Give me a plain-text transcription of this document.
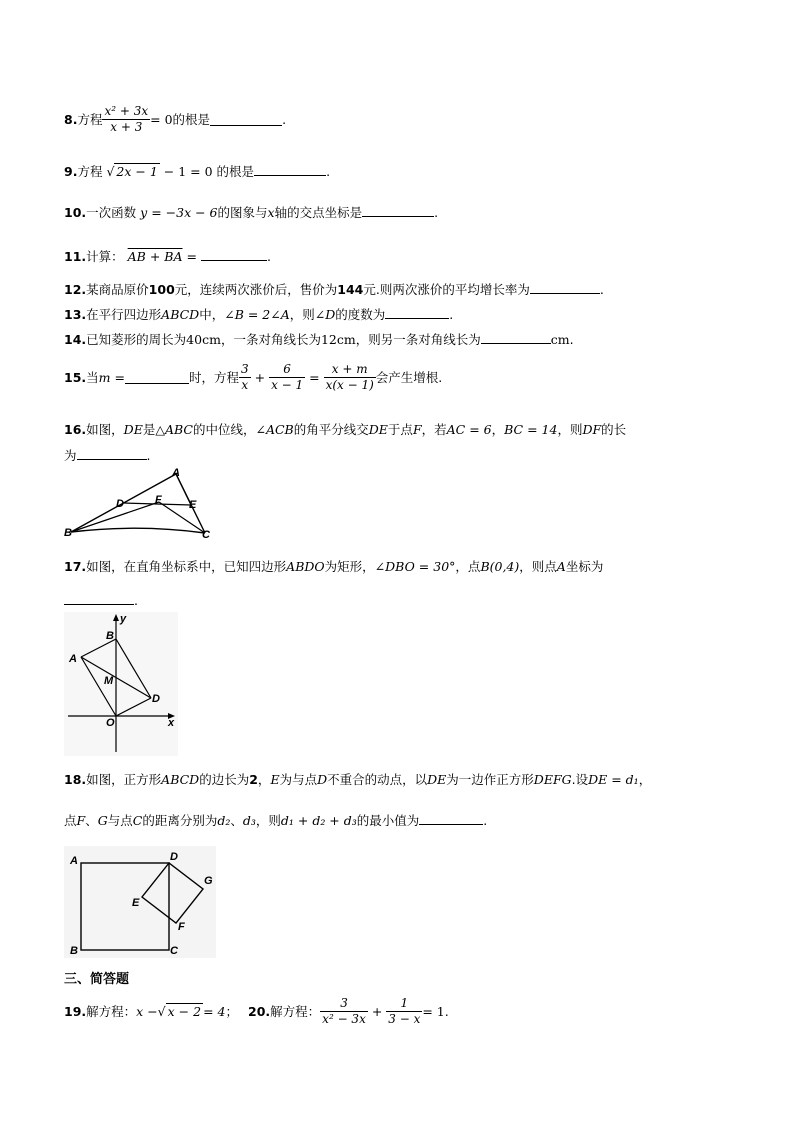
8. 方程 $\frac{\text{x² + 3x}}{x + 3} = 0$ 的根是	.
9.方程 √ 2x − 1 − 1 = 0 的根是	.
10.一次函数 y = −3x − 6的图象与x轴的交点坐标是	.
11.计算： AB + BA =	.
12.某商品原价100元，连续两次涨价后，售价为144元.则两次涨价的平均增长率为	.
13.在平行四边形ABCD中，∠B = 2∠A，则∠D的度数为	.
14.已知菱形的周长为40cm，一条对角线长为12cm，则另一条对角线长为	cm.
15. 当 m =	时，方程 $\frac{3}{x} + \frac{6}{x - 1} = \frac{x + m}{x(x - 1)}$ 会产生增根.
16.如图，DE是△ABC的中位线，∠ACB的角平分线交DE于点F，若AC = 6，BC = 14，则DF的长
为	.
A
B	C
D	E
F
17.如图，在直角坐标系中，已知四边形ABDO为矩形，∠DBO = 30°，点B(0,4)，则点A坐标为
.
y
x
B
A
M
D
O
18.如图，正方形ABCD的边长为2，E为与点D不重合的动点，以DE为一边作正方形DEFG.设DE = d₁，
点F、G与点C的距离分别为d₂、d₃，则d₁ + d₂ + d₃的最小值为	.
A
B	C
D
E
F
G
三、简答题
19. 解方程： x − √ x − 2 = 4 ； 20. 解方程： $\frac{3}{\text{x² − 3x}} + \frac{1}{3 - x} = 1$.
